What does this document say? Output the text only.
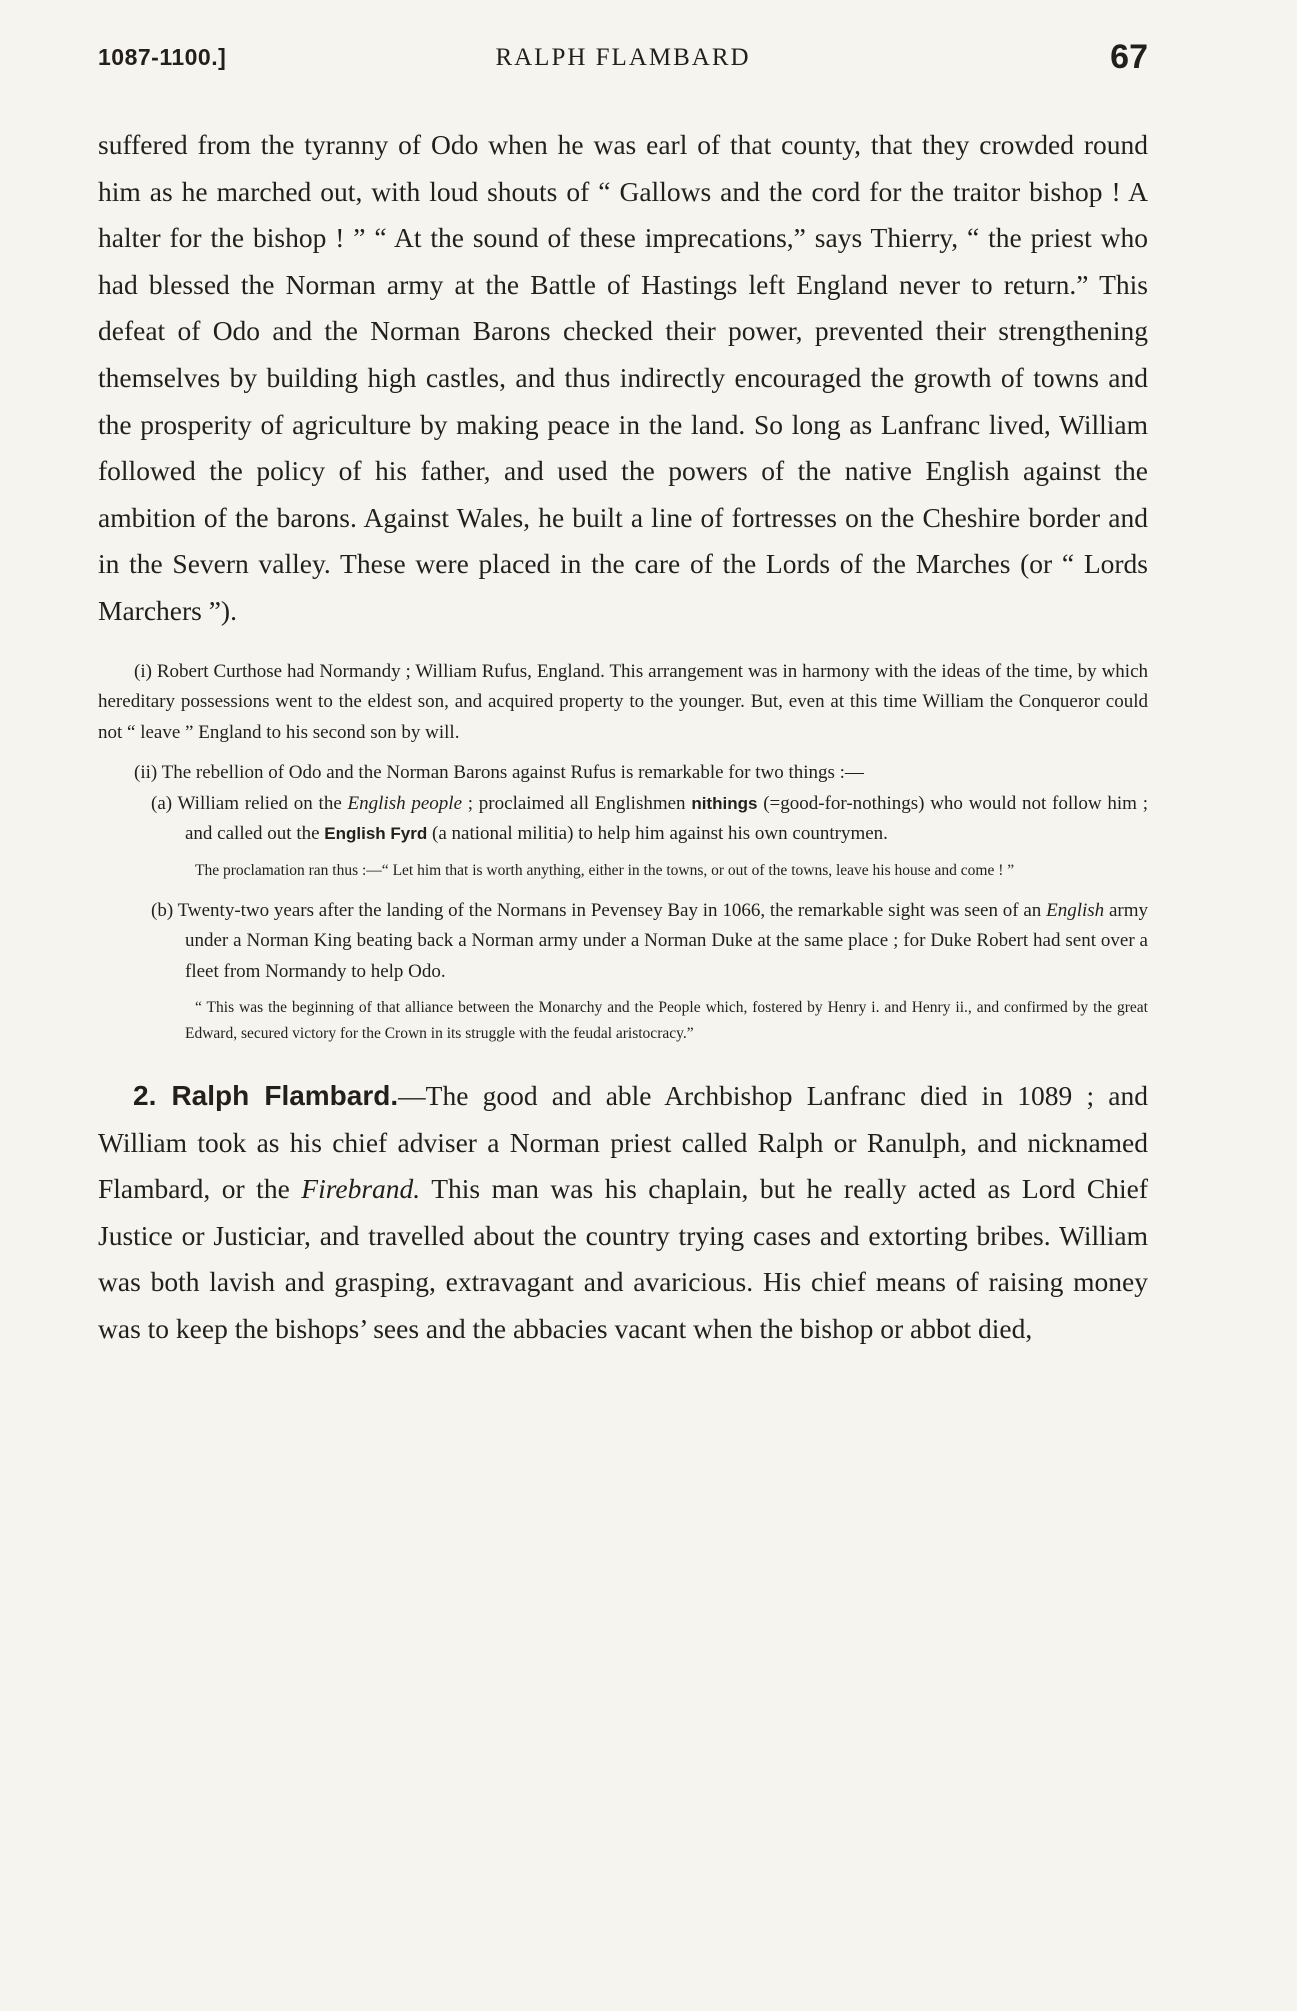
1087-1100.]	RALPH FLAMBARD	67

suffered from the tyranny of Odo when he was earl of that county, that they crowded round him as he marched out, with loud shouts of “ Gallows and the cord for the traitor bishop ! A halter for the bishop ! ” “ At the sound of these imprecations,” says Thierry, “ the priest who had blessed the Norman army at the Battle of Hastings left England never to return.” This defeat of Odo and the Norman Barons checked their power, prevented their strengthening themselves by building high castles, and thus indirectly encouraged the growth of towns and the prosperity of agriculture by making peace in the land. So long as Lanfranc lived, William followed the policy of his father, and used the powers of the native English against the ambition of the barons. Against Wales, he built a line of fortresses on the Cheshire border and in the Severn valley. These were placed in the care of the Lords of the Marches (or “ Lords Marchers ”).

(i) Robert Curthose had Normandy ; William Rufus, England. This arrangement was in harmony with the ideas of the time, by which hereditary possessions went to the eldest son, and acquired property to the younger. But, even at this time William the Conqueror could not “ leave ” England to his second son by will.

(ii) The rebellion of Odo and the Norman Barons against Rufus is remarkable for two things :—

(a) William relied on the English people ; proclaimed all Englishmen nithings (=good-for-nothings) who would not follow him ; and called out the English Fyrd (a national militia) to help him against his own countrymen.

The proclamation ran thus :—“ Let him that is worth anything, either in the towns, or out of the towns, leave his house and come ! ”

(b) Twenty-two years after the landing of the Normans in Pevensey Bay in 1066, the remarkable sight was seen of an English army under a Norman King beating back a Norman army under a Norman Duke at the same place ; for Duke Robert had sent over a fleet from Normandy to help Odo.

“ This was the beginning of that alliance between the Monarchy and the People which, fostered by Henry i. and Henry ii., and confirmed by the great Edward, secured victory for the Crown in its struggle with the feudal aristocracy.”

2. Ralph Flambard.—The good and able Archbishop Lanfranc died in 1089 ; and William took as his chief adviser a Norman priest called Ralph or Ranulph, and nicknamed Flambard, or the Firebrand. This man was his chaplain, but he really acted as Lord Chief Justice or Justiciar, and travelled about the country trying cases and extorting bribes. William was both lavish and grasping, extravagant and avaricious. His chief means of raising money was to keep the bishops’ sees and the abbacies vacant when the bishop or abbot died,
